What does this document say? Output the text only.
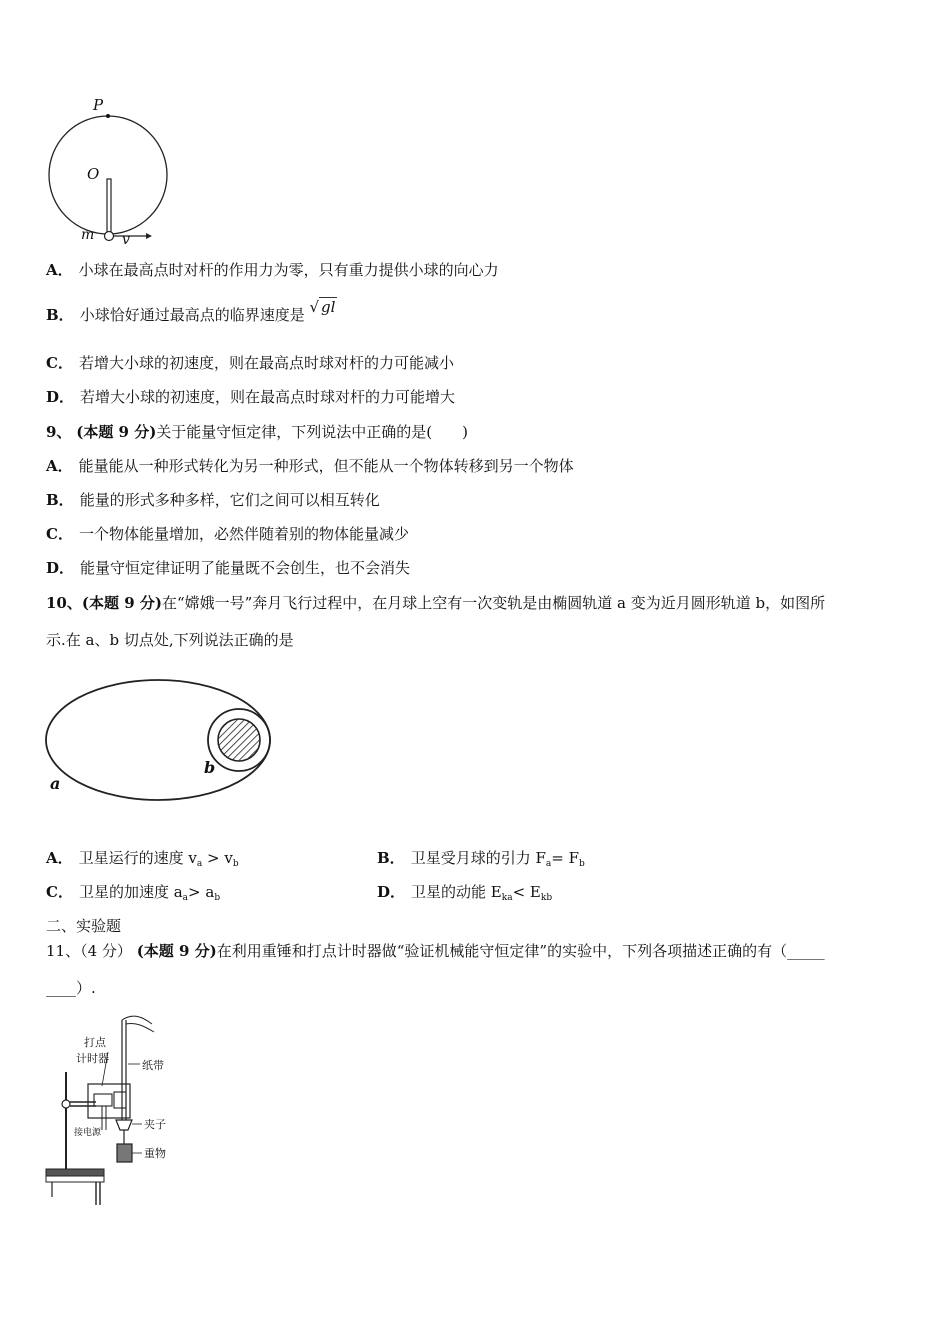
P
O
m v
A． 小球在最高点时对杆的作用力为零，只有重力提供小球的向心力
B． 小球恰好通过最高点的临界速度是 √ gl
C． 若增大小球的初速度，则在最高点时球对杆的力可能减小
D． 若增大小球的初速度，则在最高点时球对杆的力可能增大
9、 (本题 9 分)关于能量守恒定律，下列说法中正确的是(　　)
A． 能量能从一种形式转化为另一种形式，但不能从一个物体转移到另一个物体
B． 能量的形式多种多样，它们之间可以相互转化
C． 一个物体能量增加，必然伴随着别的物体能量减少
D． 能量守恒定律证明了能量既不会创生，也不会消失
10、(本题 9 分)在“嫦娥一号”奔月飞行过程中，在月球上空有一次变轨是由椭圆轨道 a 变为近月圆形轨道 b，如图所
示.在 a、b 切点处,下列说法正确的是
a
b
A． 卫星运行的速度 $v_a > v_b$	B． 卫星受月球的引力 $F_a= F_b$
C． 卫星的加速度 $a_a> a_b$	D． 卫星的动能 $E_{ka}< E_{kb}$
二、实验题
11、（4 分） (本题 9 分)在利用重锤和打点计时器做“验证机械能守恒定律”的实验中，下列各项描述正确的有（_____
____）.
打点
计时器
纸带
接电源
夹子
重物
